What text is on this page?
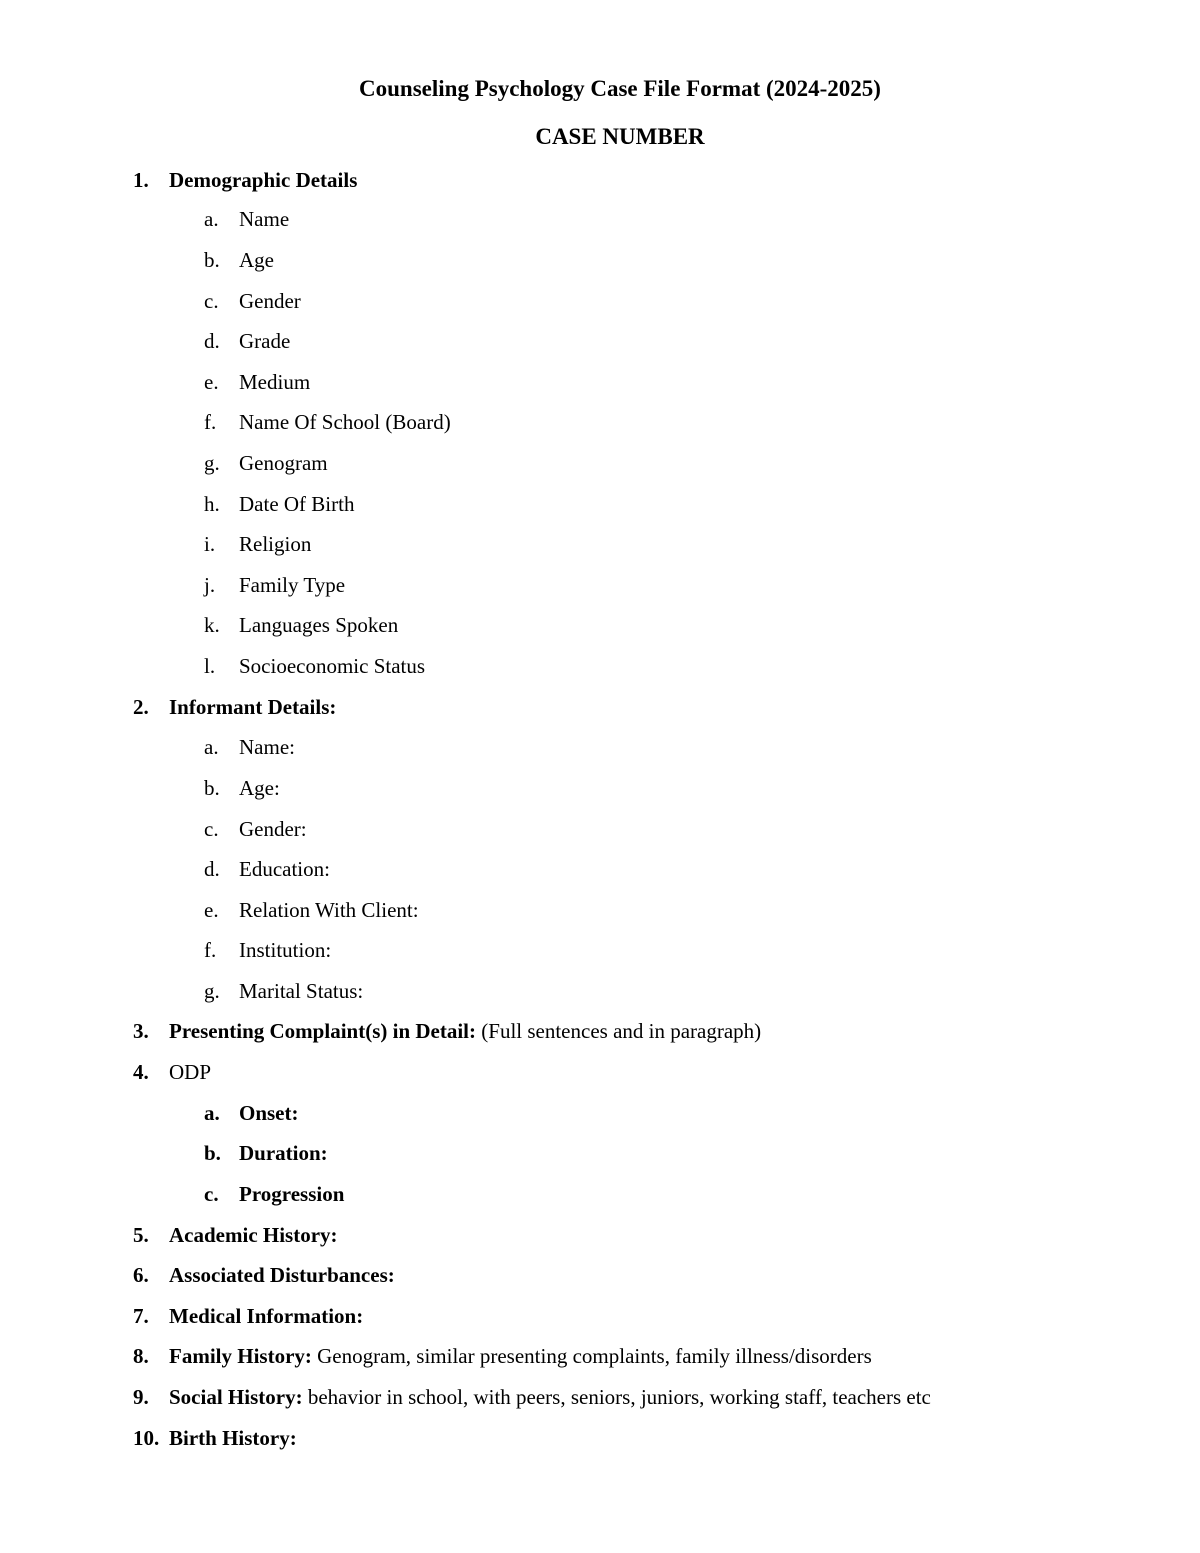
Counseling Psychology Case File Format (2024-2025)
CASE NUMBER
1. Demographic Details
a. Name
b. Age
c. Gender
d. Grade
e. Medium
f. Name Of School (Board)
g. Genogram
h. Date Of Birth
i. Religion
j. Family Type
k. Languages Spoken
l. Socioeconomic Status
2. Informant Details:
a. Name:
b. Age:
c. Gender:
d. Education:
e. Relation With Client:
f. Institution:
g. Marital Status:
3. Presenting Complaint(s) in Detail: (Full sentences and in paragraph)
4. ODP
a. Onset:
b. Duration:
c. Progression
5. Academic History:
6. Associated Disturbances:
7. Medical Information:
8. Family History: Genogram, similar presenting complaints, family illness/disorders
9. Social History: behavior in school, with peers, seniors, juniors, working staff, teachers etc
10. Birth History:
